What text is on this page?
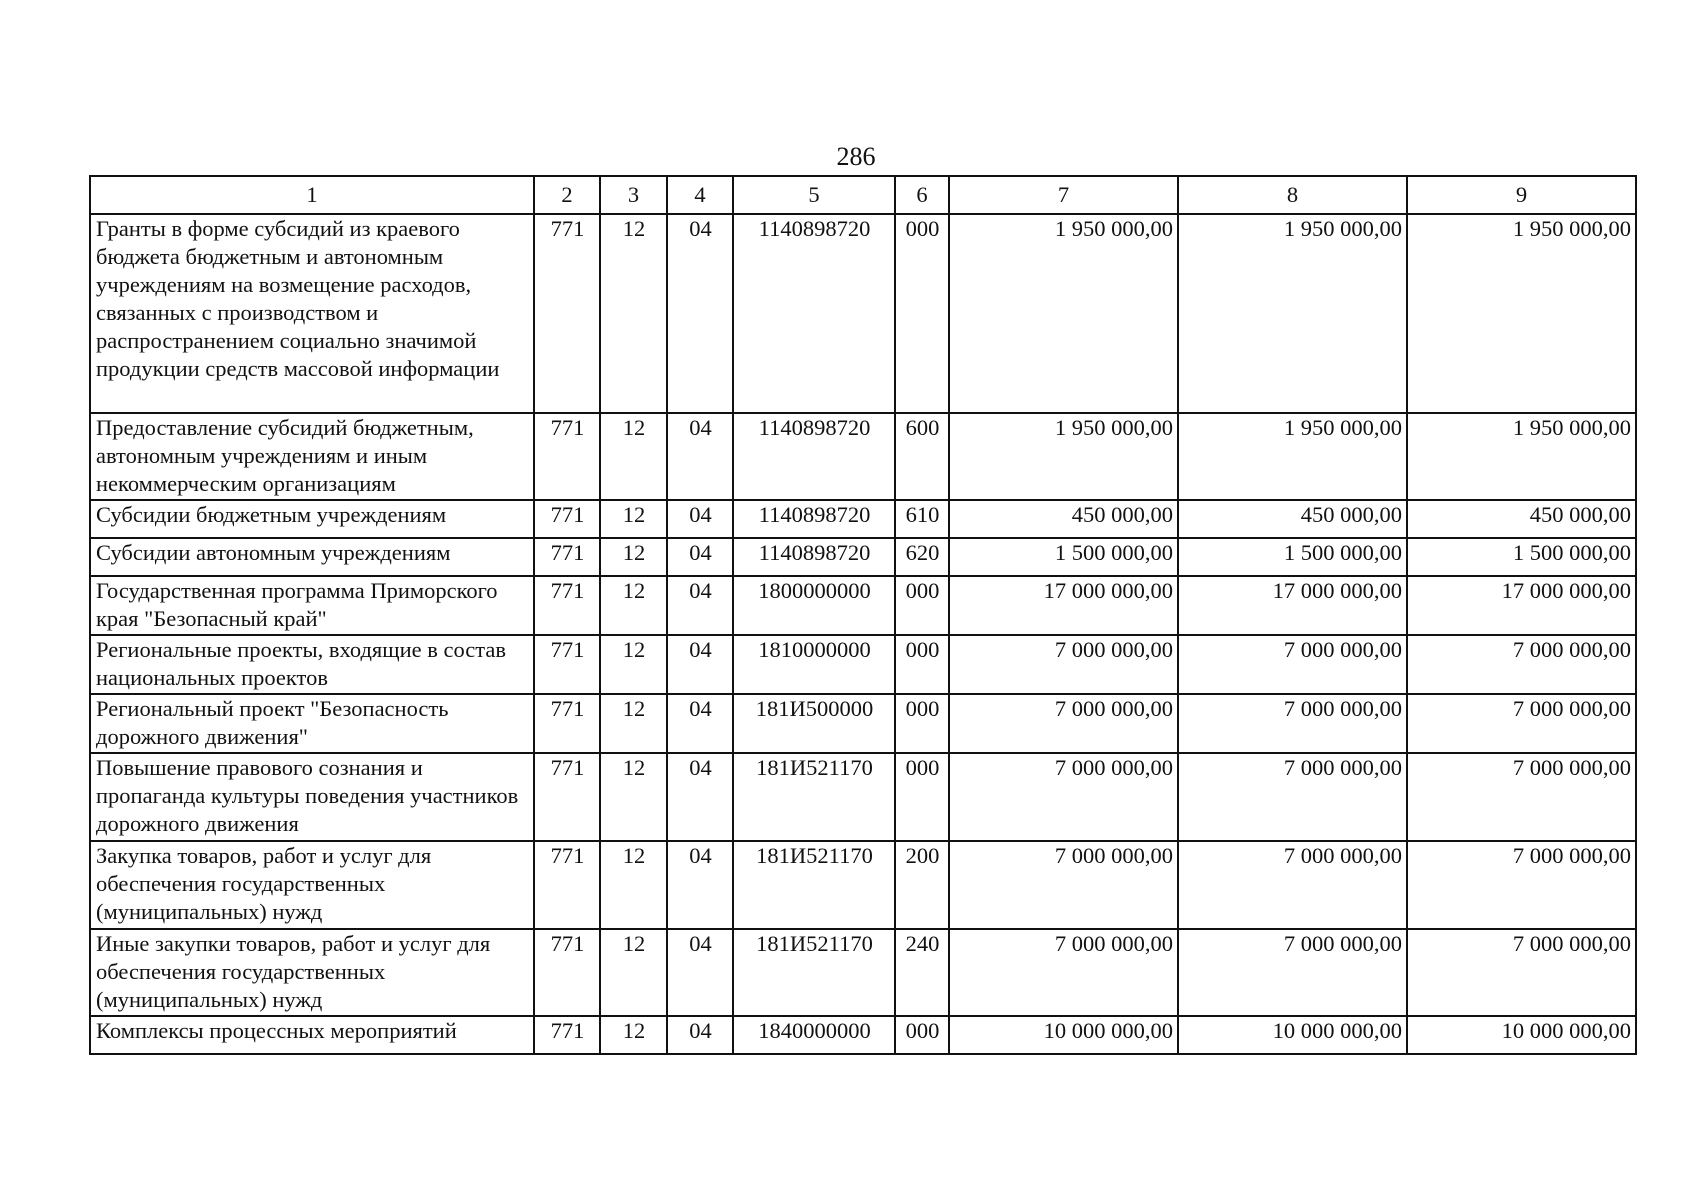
286
1	2	3	4	5	6	7	8	9
Гранты в форме субсидий из краевого бюджета бюджетным и автономным учреждениям на возмещение расходов, связанных с производством и распространением социально значимой продукции средств массовой информации	771	12	04	1140898720	000	1 950 000,00	1 950 000,00	1 950 000,00
Предоставление субсидий бюджетным, автономным учреждениям и иным некоммерческим организациям	771	12	04	1140898720	600	1 950 000,00	1 950 000,00	1 950 000,00
Субсидии бюджетным учреждениям	771	12	04	1140898720	610	450 000,00	450 000,00	450 000,00
Субсидии автономным учреждениям	771	12	04	1140898720	620	1 500 000,00	1 500 000,00	1 500 000,00
Государственная программа Приморского края "Безопасный край"	771	12	04	1800000000	000	17 000 000,00	17 000 000,00	17 000 000,00
Региональные проекты, входящие в состав национальных проектов	771	12	04	1810000000	000	7 000 000,00	7 000 000,00	7 000 000,00
Региональный проект "Безопасность дорожного движения"	771	12	04	181И500000	000	7 000 000,00	7 000 000,00	7 000 000,00
Повышение правового сознания и пропаганда культуры поведения участников дорожного движения	771	12	04	181И521170	000	7 000 000,00	7 000 000,00	7 000 000,00
Закупка товаров, работ и услуг для обеспечения государственных (муниципальных) нужд	771	12	04	181И521170	200	7 000 000,00	7 000 000,00	7 000 000,00
Иные закупки товаров, работ и услуг для обеспечения государственных (муниципальных) нужд	771	12	04	181И521170	240	7 000 000,00	7 000 000,00	7 000 000,00
Комплексы процессных мероприятий	771	12	04	1840000000	000	10 000 000,00	10 000 000,00	10 000 000,00
